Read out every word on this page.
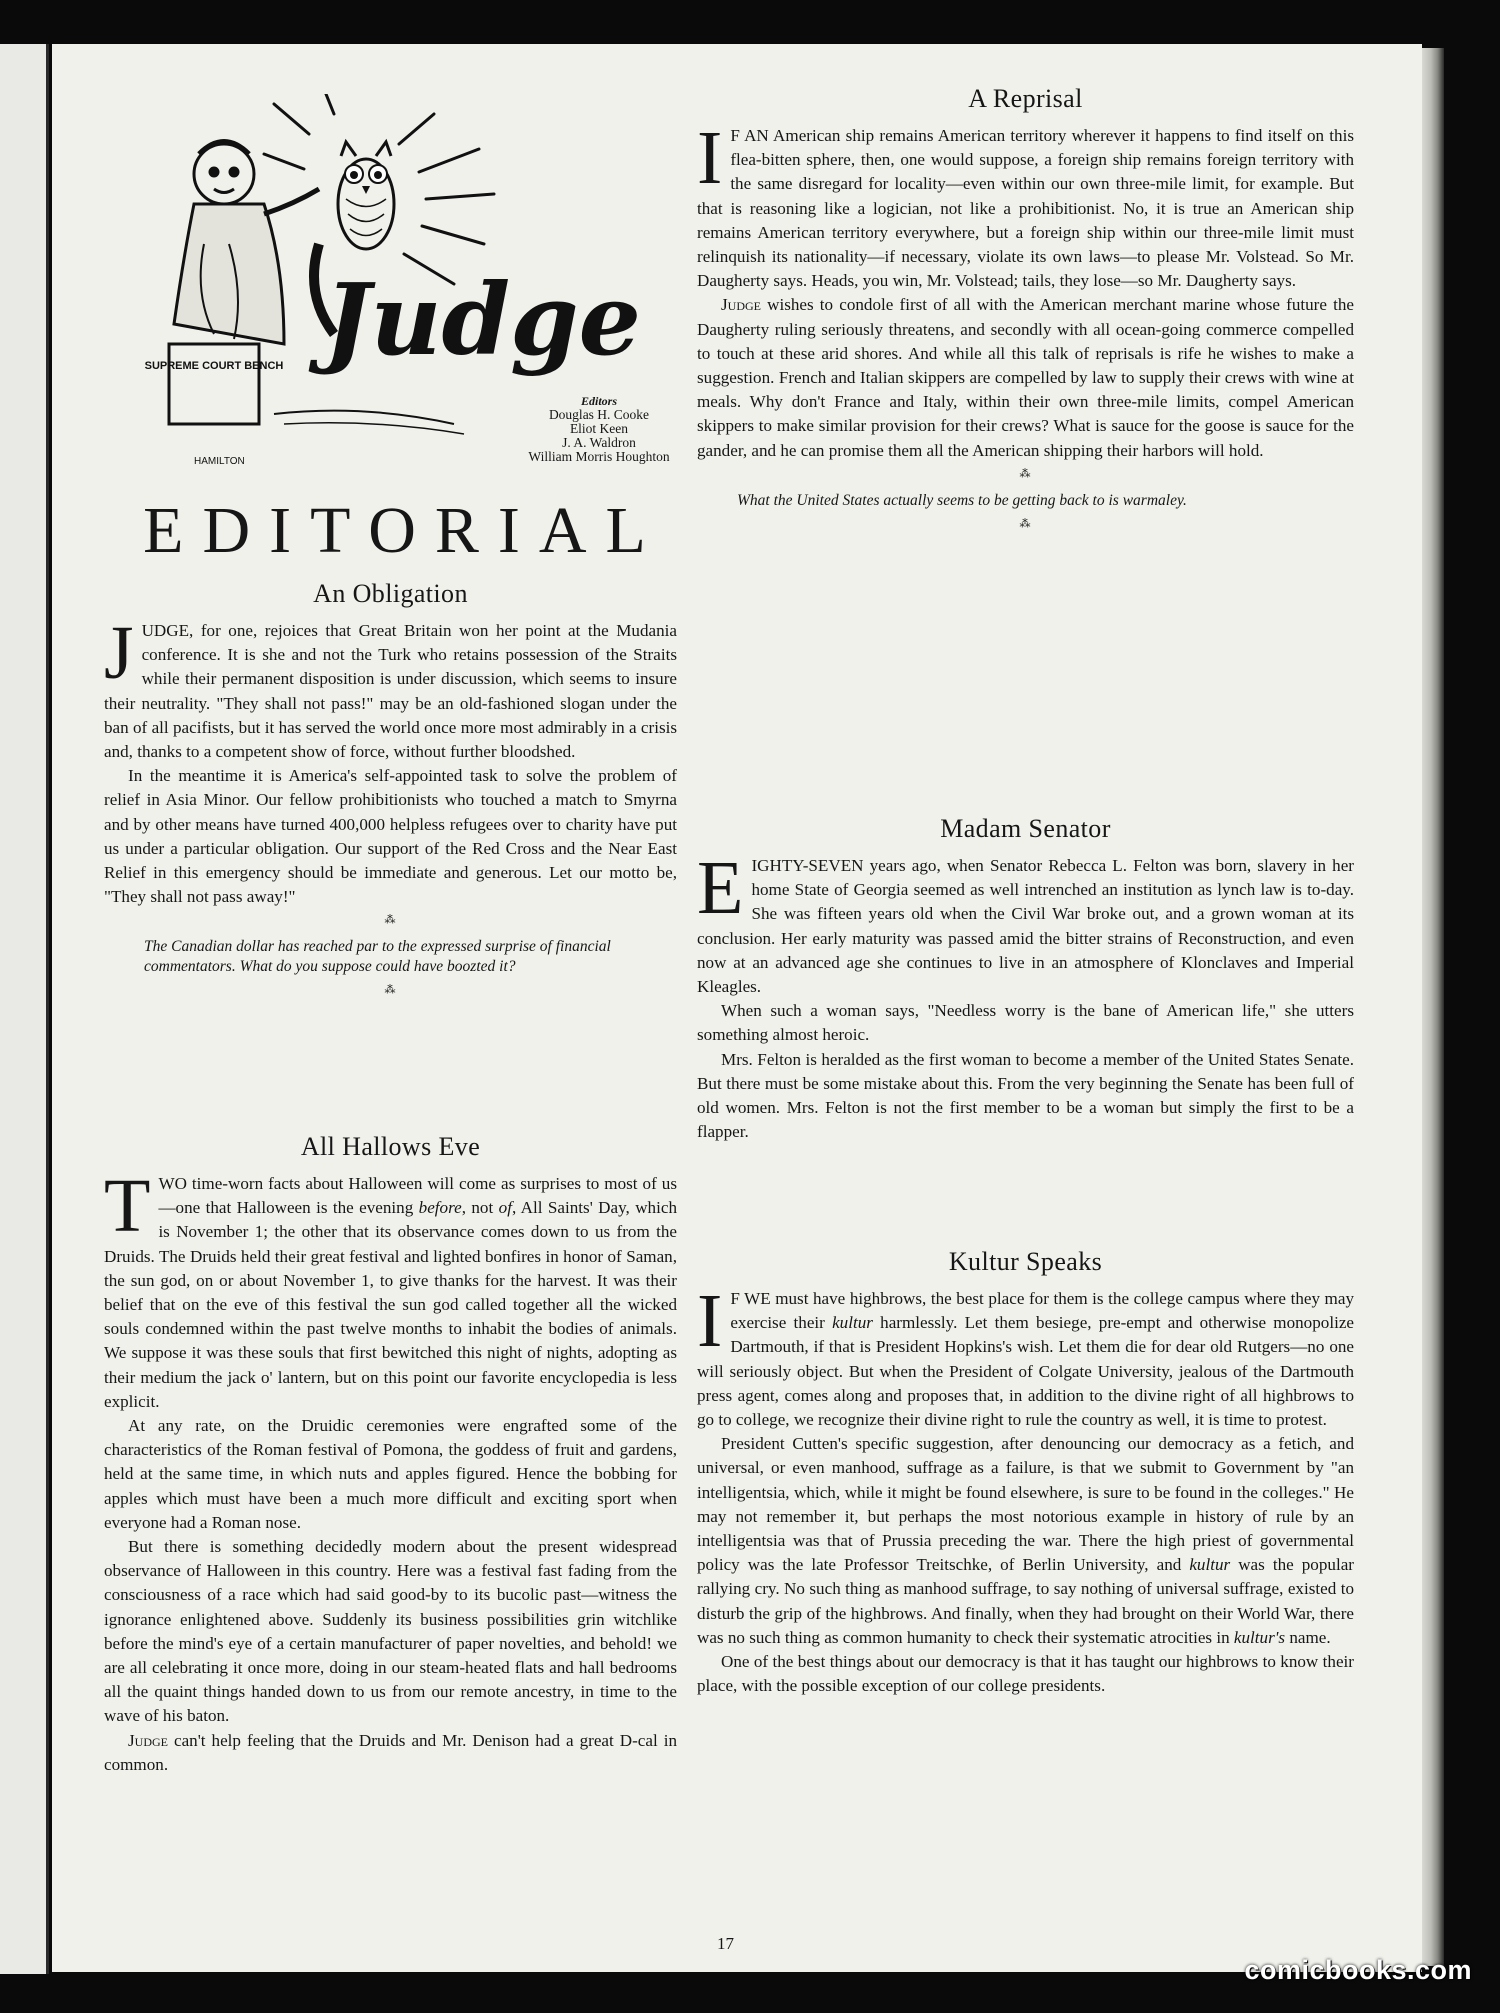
SUPREME COURT BENCH Judge
HAMILTON
Editors
Douglas H. Cooke
Eliot Keen
J. A. Waldron
William Morris Houghton
EDITORIAL
An Obligation

JUDGE, for one, rejoices that Great Britain won her point at the Mudania conference. It is she and not the Turk who retains possession of the Straits while their permanent disposition is under discussion, which seems to insure their neutrality. "They shall not pass!" may be an old-fashioned slogan under the ban of all pacifists, but it has served the world once more most admirably in a crisis and, thanks to a competent show of force, without further bloodshed.

In the meantime it is America's self-appointed task to solve the problem of relief in Asia Minor. Our fellow prohibitionists who touched a match to Smyrna and by other means have turned 400,000 helpless refugees over to charity have put us under a particular obligation. Our support of the Red Cross and the Near East Relief in this emergency should be immediate and generous. Let our motto be, "They shall not pass away!"

⁂

The Canadian dollar has reached par to the expressed surprise of financial commentators. What do you suppose could have boozted it?

⁂
All Hallows Eve

TWO time-worn facts about Halloween will come as surprises to most of us—one that Halloween is the evening before, not of, All Saints' Day, which is November 1; the other that its observance comes down to us from the Druids. The Druids held their great festival and lighted bonfires in honor of Saman, the sun god, on or about November 1, to give thanks for the harvest. It was their belief that on the eve of this festival the sun god called together all the wicked souls condemned within the past twelve months to inhabit the bodies of animals. We suppose it was these souls that first bewitched this night of nights, adopting as their medium the jack o' lantern, but on this point our favorite encyclopedia is less explicit.

At any rate, on the Druidic ceremonies were engrafted some of the characteristics of the Roman festival of Pomona, the goddess of fruit and gardens, held at the same time, in which nuts and apples figured. Hence the bobbing for apples which must have been a much more difficult and exciting sport when everyone had a Roman nose.

But there is something decidedly modern about the present widespread observance of Halloween in this country. Here was a festival fast fading from the consciousness of a race which had said good-by to its bucolic past—witness the ignorance enlightened above. Suddenly its business possibilities grin witchlike before the mind's eye of a certain manufacturer of paper novelties, and behold! we are all celebrating it once more, doing in our steam-heated flats and hall bedrooms all the quaint things handed down to us from our remote ancestry, in time to the wave of his baton.

Judge can't help feeling that the Druids and Mr. Denison had a great D-cal in common.

A Reprisal

I F AN American ship remains American territory wherever it happens to find itself on this flea-bitten sphere, then, one would suppose, a foreign ship remains foreign territory with the same disregard for locality—even within our own three-mile limit, for example. But that is reasoning like a logician, not like a prohibitionist. No, it is true an American ship remains American territory everywhere, but a foreign ship within our three-mile limit must relinquish its nationality—if necessary, violate its own laws—to please Mr. Volstead. So Mr. Daugherty says. Heads, you win, Mr. Volstead; tails, they lose—so Mr. Daugherty says.

Judge wishes to condole first of all with the American merchant marine whose future the Daugherty ruling seriously threatens, and secondly with all ocean-going commerce compelled to touch at these arid shores. And while all this talk of reprisals is rife he wishes to make a suggestion. French and Italian skippers are compelled by law to supply their crews with wine at meals. Why don't France and Italy, within their own three-mile limits, compel American skippers to make similar provision for their crews? What is sauce for the goose is sauce for the gander, and he can promise them all the American shipping their harbors will hold.

⁂

What the United States actually seems to be getting back to is warmaley.

⁂
Madam Senator

EIGHTY-SEVEN years ago, when Senator Rebecca L. Felton was born, slavery in her home State of Georgia seemed as well intrenched an institution as lynch law is to-day. She was fifteen years old when the Civil War broke out, and a grown woman at its conclusion. Her early maturity was passed amid the bitter strains of Reconstruction, and even now at an advanced age she continues to live in an atmosphere of Klonclaves and Imperial Kleagles.

When such a woman says, "Needless worry is the bane of American life," she utters something almost heroic.

Mrs. Felton is heralded as the first woman to become a member of the United States Senate. But there must be some mistake about this. From the very beginning the Senate has been full of old women. Mrs. Felton is not the first member to be a woman but simply the first to be a flapper.

Kultur Speaks

I F WE must have highbrows, the best place for them is the college campus where they may exercise their kultur harmlessly. Let them besiege, pre-empt and otherwise monopolize Dartmouth, if that is President Hopkins's wish. Let them die for dear old Rutgers—no one will seriously object. But when the President of Colgate University, jealous of the Dartmouth press agent, comes along and proposes that, in addition to the divine right of all highbrows to go to college, we recognize their divine right to rule the country as well, it is time to protest.

President Cutten's specific suggestion, after denouncing our democracy as a fetich, and universal, or even manhood, suffrage as a failure, is that we submit to Government by "an intelligentsia, which, while it might be found elsewhere, is sure to be found in the colleges." He may not remember it, but perhaps the most notorious example in history of rule by an intelligentsia was that of Prussia preceding the war. There the high priest of governmental policy was the late Professor Treitschke, of Berlin University, and kultur was the popular rallying cry. No such thing as manhood suffrage, to say nothing of universal suffrage, existed to disturb the grip of the highbrows. And finally, when they had brought on their World War, there was no such thing as common humanity to check their systematic atrocities in kultur's name.

One of the best things about our democracy is that it has taught our highbrows to know their place, with the possible exception of our college presidents.

17
comicbooks.com
